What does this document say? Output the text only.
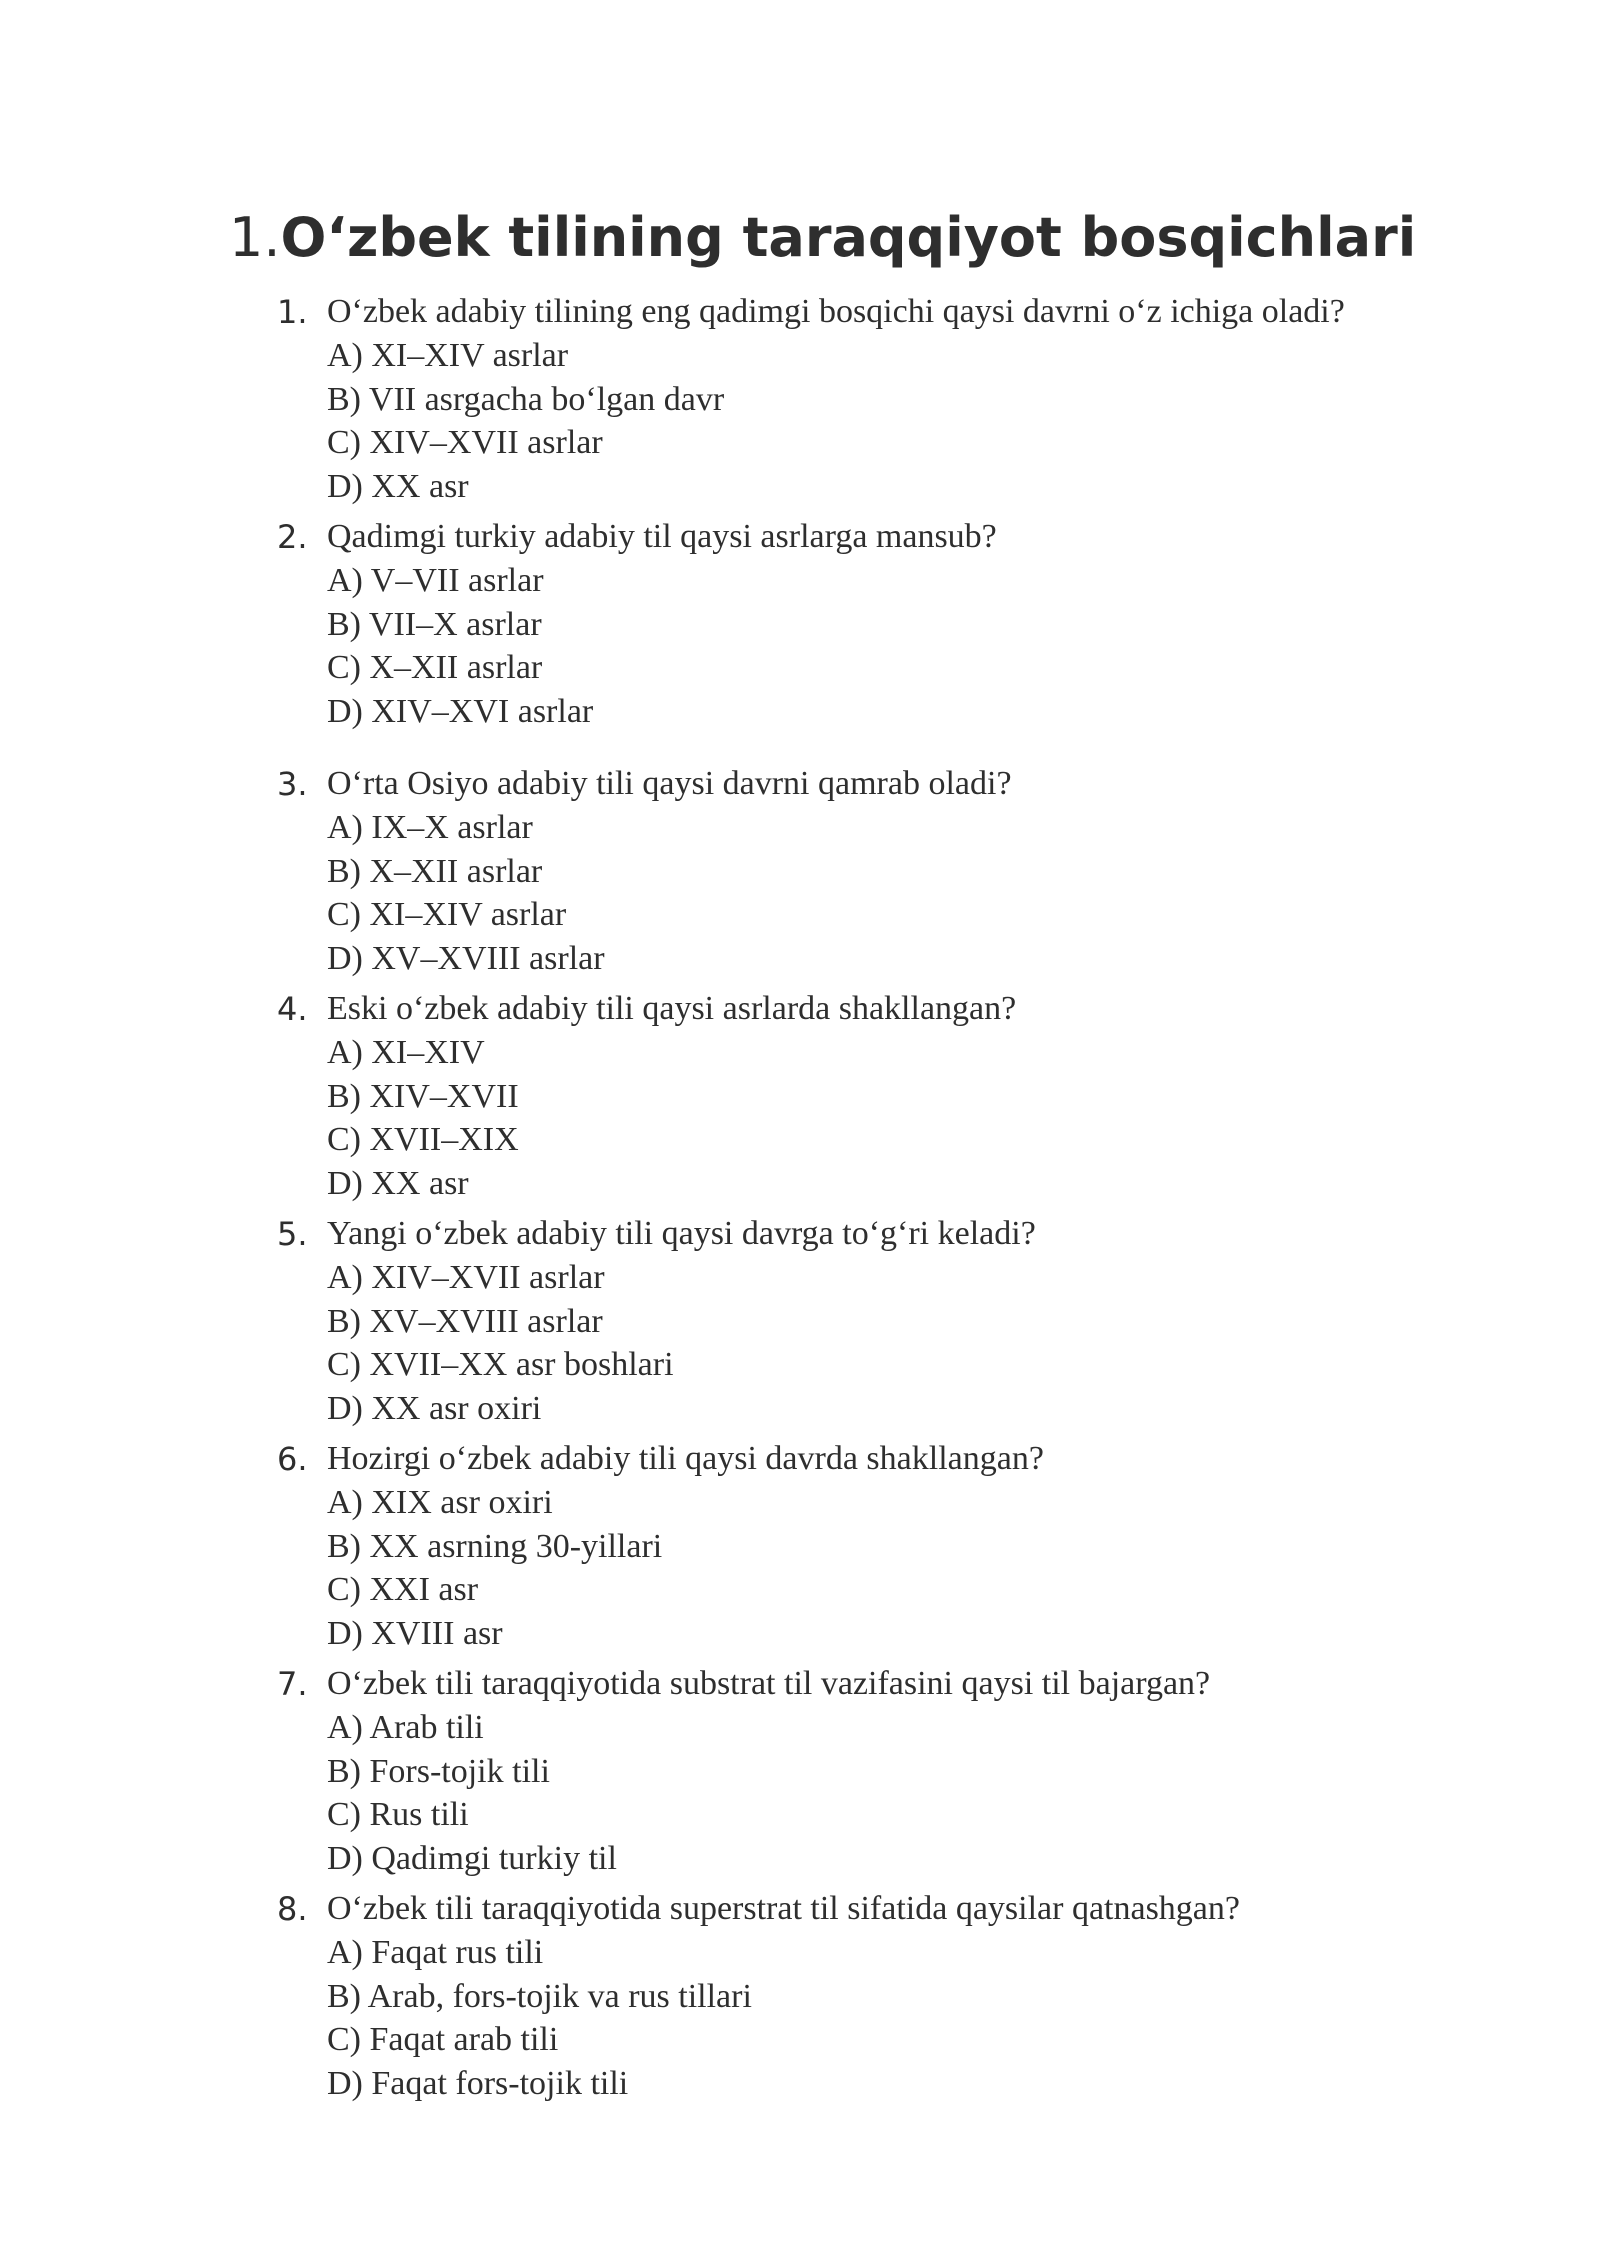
1.O‘zbek tilining taraqqiyot bosqichlari
1. O‘zbek adabiy tilining eng qadimgi bosqichi qaysi davrni o‘z ichiga oladi?
A) XI–XIV asrlar
B) VII asrgacha bo‘lgan davr
C) XIV–XVII asrlar
D) XX asr
2. Qadimgi turkiy adabiy til qaysi asrlarga mansub?
A) V–VII asrlar
B) VII–X asrlar
C) X–XII asrlar
D) XIV–XVI asrlar
3. O‘rta Osiyo adabiy tili qaysi davrni qamrab oladi?
A) IX–X asrlar
B) X–XII asrlar
C) XI–XIV asrlar
D) XV–XVIII asrlar
4. Eski o‘zbek adabiy tili qaysi asrlarda shakllangan?
A) XI–XIV
B) XIV–XVII
C) XVII–XIX
D) XX asr
5. Yangi o‘zbek adabiy tili qaysi davrga to‘g‘ri keladi?
A) XIV–XVII asrlar
B) XV–XVIII asrlar
C) XVII–XX asr boshlari
D) XX asr oxiri
6. Hozirgi o‘zbek adabiy tili qaysi davrda shakllangan?
A) XIX asr oxiri
B) XX asrning 30-yillari
C) XXI asr
D) XVIII asr
7. O‘zbek tili taraqqiyotida substrat til vazifasini qaysi til bajargan?
A) Arab tili
B) Fors-tojik tili
C) Rus tili
D) Qadimgi turkiy til
8. O‘zbek tili taraqqiyotida superstrat til sifatida qaysilar qatnashgan?
A) Faqat rus tili
B) Arab, fors-tojik va rus tillari
C) Faqat arab tili
D) Faqat fors-tojik tili
